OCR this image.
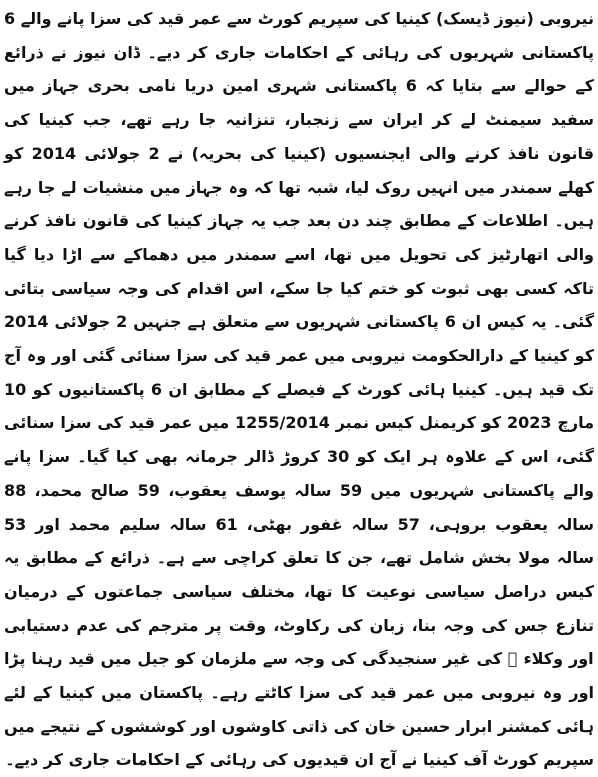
نیروبی (نیوز ڈیسک) کینیا کی سپریم کورٹ سے عمر قید کی سزا پانے والے 6 پاکستانی شہریوں کی رہائی کے احکامات جاری کر دیے۔ ڈان نیوز نے ذرائع کے حوالے سے بتایا کہ 6 پاکستانی شہری امین دریا نامی بحری جہاز میں سفید سیمنٹ لے کر ایران سے زنجبار، تنزانیہ جا رہے تھے، جب کینیا کی قانون نافذ کرنے والی ایجنسیوں (کینیا کی بحریہ) نے 2 جولائی 2014 کو کھلے سمندر میں انہیں روک لیا، شبہ تھا کہ وہ جہاز میں منشیات لے جا رہے ہیں۔ اطلاعات کے مطابق چند دن بعد جب یہ جہاز کینیا کی قانون نافذ کرنے والی اتھارٹیز کی تحویل میں تھا، اسے سمندر میں دھماکے سے اڑا دیا گیا تاکہ کسی بھی ثبوت کو ختم کیا جا سکے، اس اقدام کی وجہ سیاسی بتائی گئی۔ یہ کیس ان 6 پاکستانی شہریوں سے متعلق ہے جنہیں 2 جولائی 2014 کو کینیا کے دارالحکومت نیروبی میں عمر قید کی سزا سنائی گئی اور وہ آج تک قید ہیں۔ کینیا ہائی کورٹ کے فیصلے کے مطابق ان 6 پاکستانیوں کو 10 مارچ 2023 کو کریمنل کیس نمبر 1255/2014 میں عمر قید کی سزا سنائی گئی، اس کے علاوہ ہر ایک کو 30 کروڑ ڈالر جرمانہ بھی کیا گیا۔ سزا پانے والے پاکستانی شہریوں میں 59 سالہ یوسف یعقوب، 59 صالح محمد، 88 سالہ یعقوب بروہی، 57 سالہ غفور بھٹی، 61 سالہ سلیم محمد اور 53 سالہ مولا بخش شامل تھے، جن کا تعلق کراچی سے ہے۔ ذرائع کے مطابق یہ کیس دراصل سیاسی نوعیت کا تھا، مختلف سیاسی جماعتوں کے درمیان تنازع جس کی وجہ بنا، زبان کی رکاوٹ، وقت پر مترجم کی عدم دستیابی اور وکلاء ⃞ کی غیر سنجیدگی کی وجہ سے ملزمان کو جیل میں قید رہنا پڑا اور وہ نیروبی میں عمر قید کی سزا کاٹتے رہے۔ پاکستان میں کینیا کے لئے ہائی کمشنر ابرار حسین خان کی ذاتی کاوشوں اور کوششوں کے نتیجے میں سپریم کورٹ آف کینیا نے آج ان قیدیوں کی رہائی کے احکامات جاری کر دیے۔
